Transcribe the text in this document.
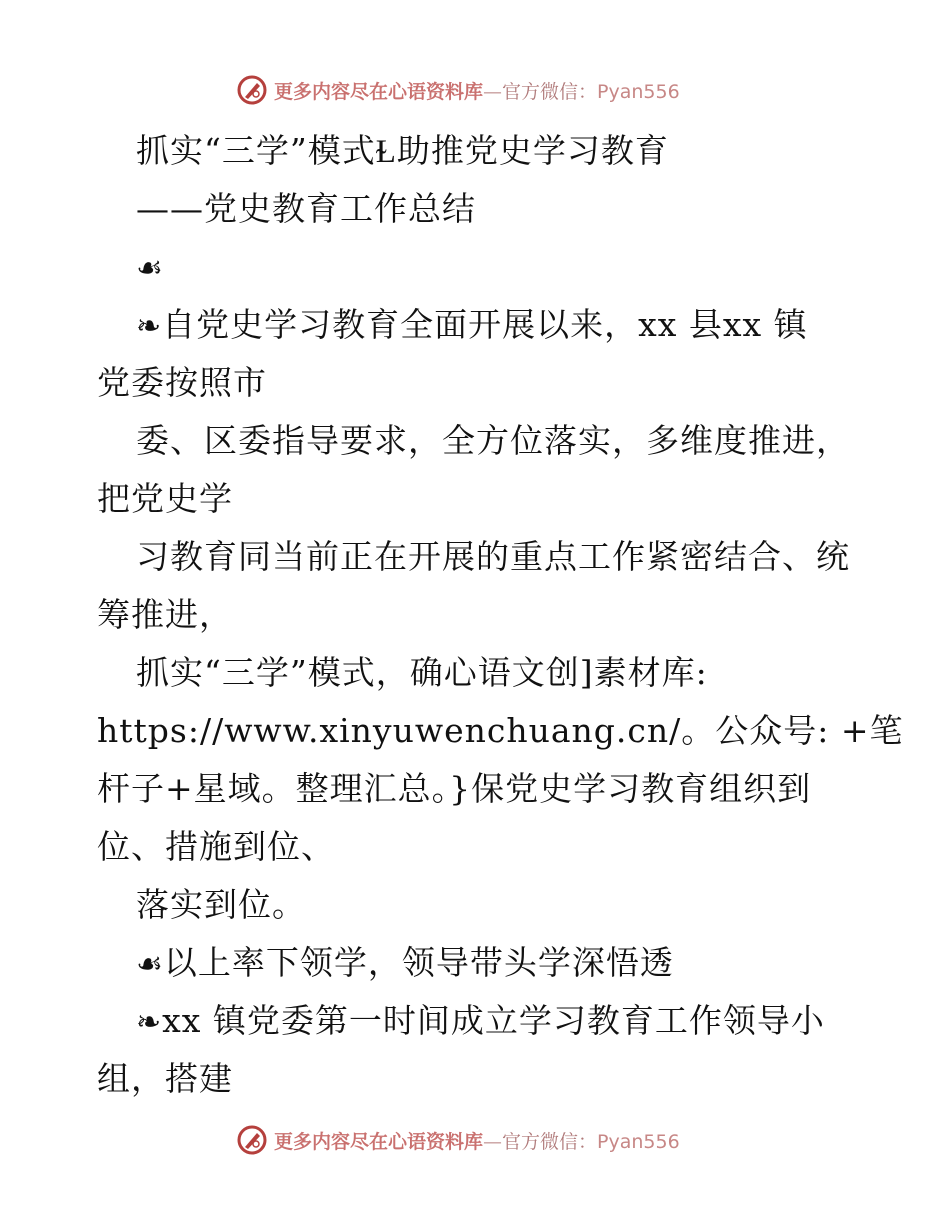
更多内容尽在心语资料库—官方微信：Pyan556
抓实“三学”模式Ɫ助推党史学习教育
——党史教育工作总结
☙
❧自党史学习教育全面开展以来，xx 县xx 镇
党委按照市
委、区委指导要求，全方位落实，多维度推进，
把党史学
习教育同当前正在开展的重点工作紧密结合、统
筹推进，
抓实“三学”模式，确心语文创]素材库:
https://www.xinyuwenchuang.cn/。公众号: +笔
杆子+星域。整理汇总。}保党史学习教育组织到
位、措施到位、
落实到位。
☙以上率下领学，领导带头学深悟透
❧xx 镇党委第一时间成立学习教育工作领导小
组，搭建
更多内容尽在心语资料库—官方微信：Pyan556
